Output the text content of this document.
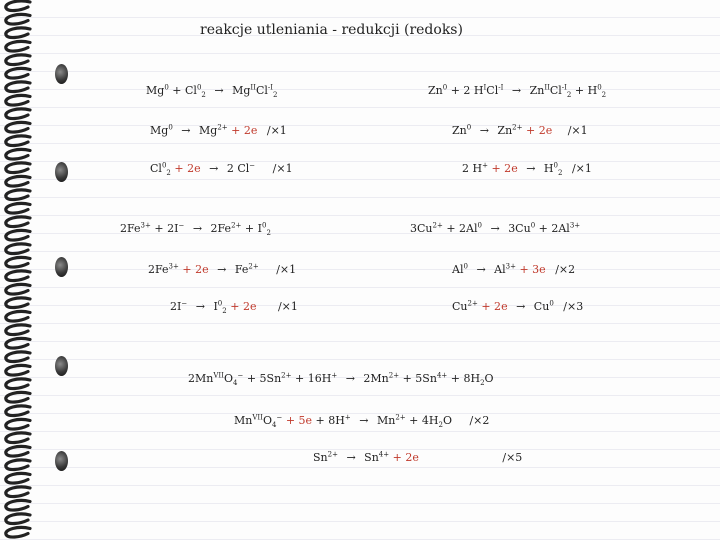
reakcje utleniania - redukcji (redoks)
$Mg^0 + Cl^0_2 \to Mg^{II}Cl^{-I}_2$
$Mg^0 \to Mg^{2+} + 2e$ /×1
$Cl^0_2 + 2e \to 2$ Cl− /×1
$Zn^0 + 2$ $H^ICl^{-I} \to Zn^{II}Cl^{-I}_2 + H^0_2$
$Zn^0 \to Zn^{2+} + 2e$ /×1
2 $H^+ + 2e \to H^0_2$ /×1
$2Fe^{3+} + 2I^- \to 2Fe^{2+} + I^0_2$
$2Fe^{3+} + 2e \to Fe^{2+}$ /×1
$2I^- \to I^0_2 + 2e$ /×1
$3Cu^{2+} + 2Al^0 \to 3Cu^0 + 2Al^{3+}$
$Al^0 \to Al^{3+} + 3e$ /×2
$Cu^{2+} + 2e \to Cu^0$ /×3
$2Mn^{VII}O_4^- + 5Sn^{2+} + 16H^+ \to 2Mn^{2+} + 5Sn^{4+} + 8H_2O$
$Mn^{VII}O_4^- + 5e + 8H^+ \to Mn^{2+} + 4H_2O$ /×2
$Sn^{2+} \to Sn^{4+} + 2e$	/×5
